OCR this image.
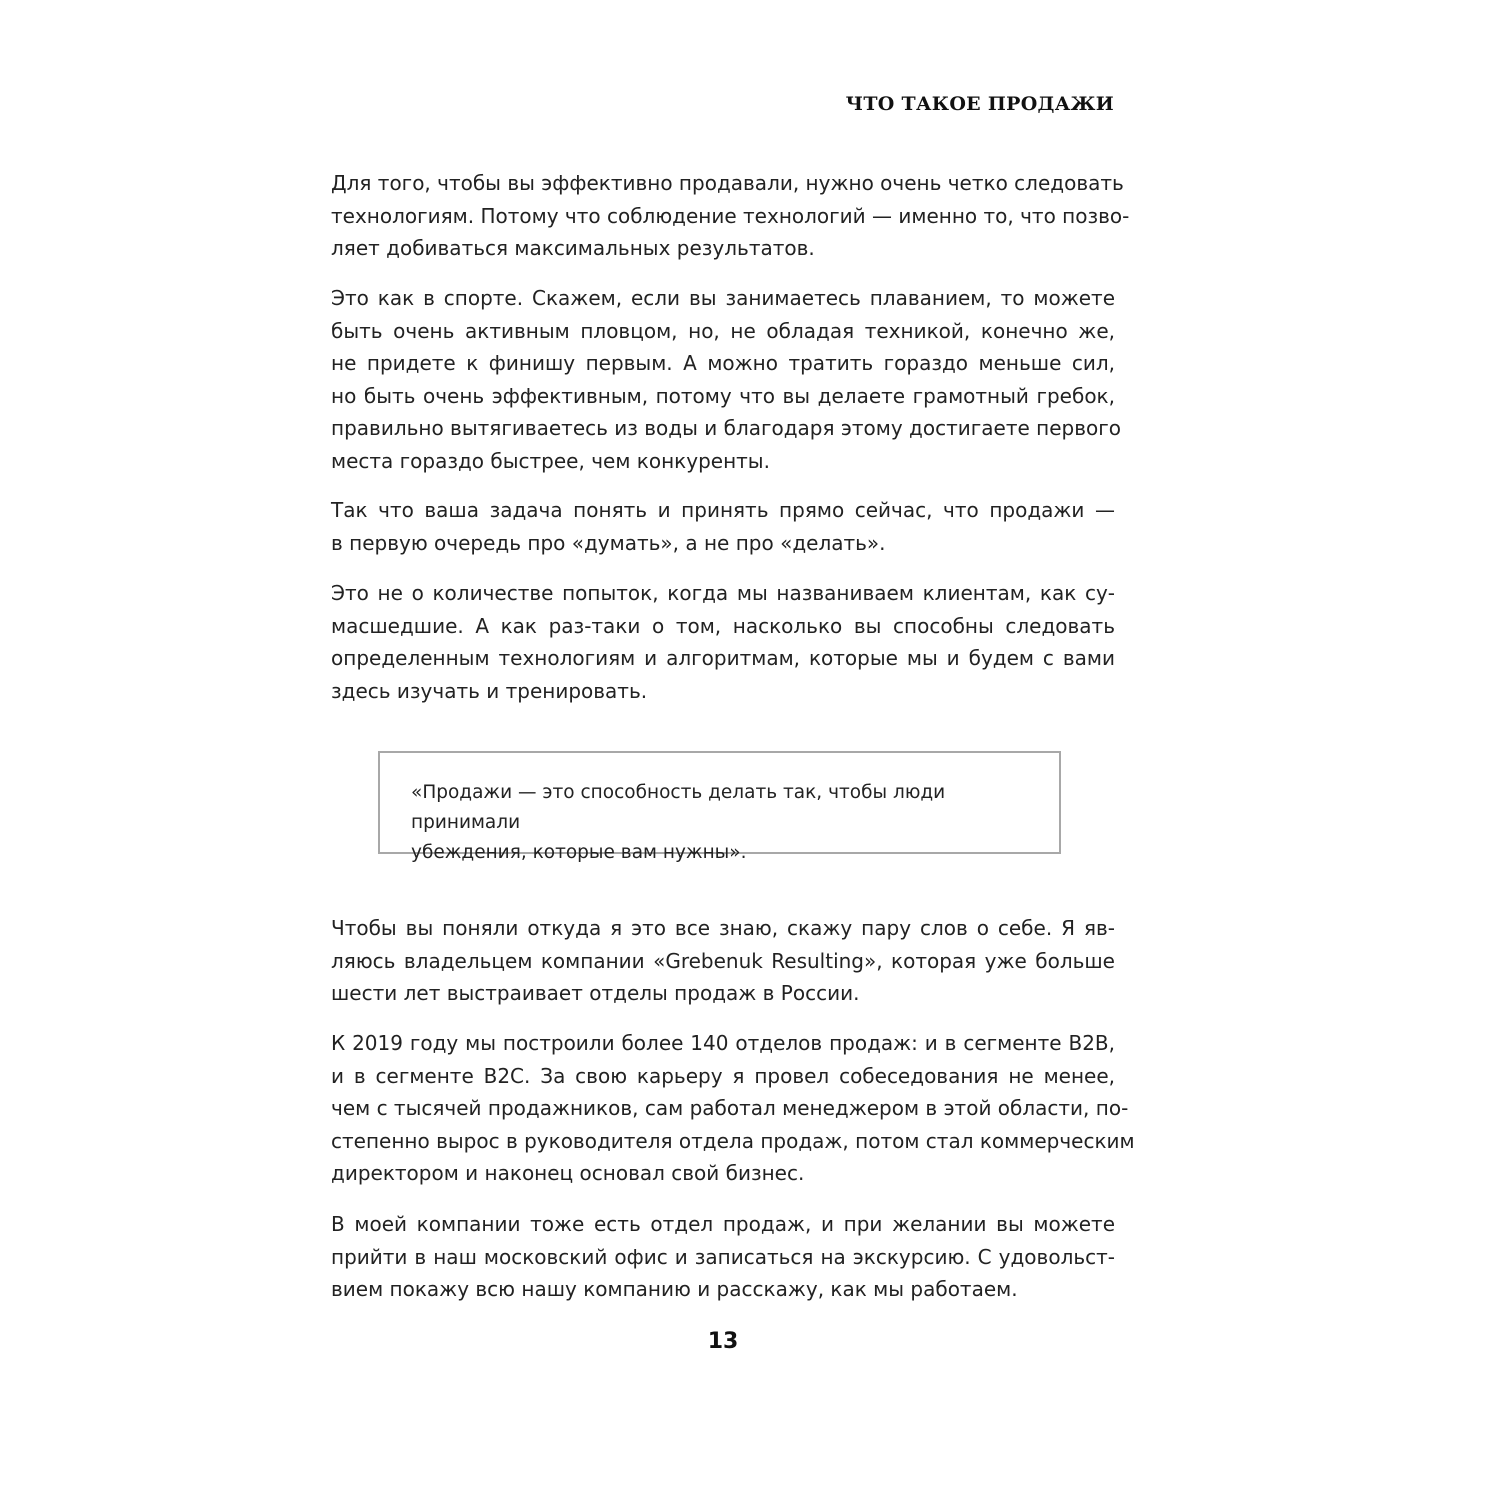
ЧТО ТАКОЕ ПРОДАЖИ

Для того, чтобы вы эффективно продавали, нужно очень четко следовать
технологиям. Потому что соблюдение технологий — именно то, что позво-
ляет добиваться максимальных результатов.

Это как в спорте. Скажем, если вы занимаетесь плаванием, то можете
быть очень активным пловцом, но, не обладая техникой, конечно же,
не придете к финишу первым. А можно тратить гораздо меньше сил,
но быть очень эффективным, потому что вы делаете грамотный гребок,
правильно вытягиваетесь из воды и благодаря этому достигаете первого
места гораздо быстрее, чем конкуренты.

Так что ваша задача понять и принять прямо сейчас, что продажи —
в первую очередь про «думать», а не про «делать».

Это не о количестве попыток, когда мы названиваем клиентам, как су-
масшедшие. А как раз-таки о том, насколько вы способны следовать
определенным технологиям и алгоритмам, которые мы и будем с вами
здесь изучать и тренировать.

«Продажи — это способность делать так, чтобы люди принимали
убеждения, которые вам нужны».

Чтобы вы поняли откуда я это все знаю, скажу пару слов о себе. Я яв-
ляюсь владельцем компании «Grebenuk Resulting», которая уже больше
шести лет выстраивает отделы продаж в России.

К 2019 году мы построили более 140 отделов продаж: и в сегменте B2B,
и в сегменте B2C. За свою карьеру я провел собеседования не менее,
чем с тысячей продажников, сам работал менеджером в этой области, по-
степенно вырос в руководителя отдела продаж, потом стал коммерческим
директором и наконец основал свой бизнес.

В моей компании тоже есть отдел продаж, и при желании вы можете
прийти в наш московский офис и записаться на экскурсию. С удовольст-
вием покажу всю нашу компанию и расскажу, как мы работаем.

13
